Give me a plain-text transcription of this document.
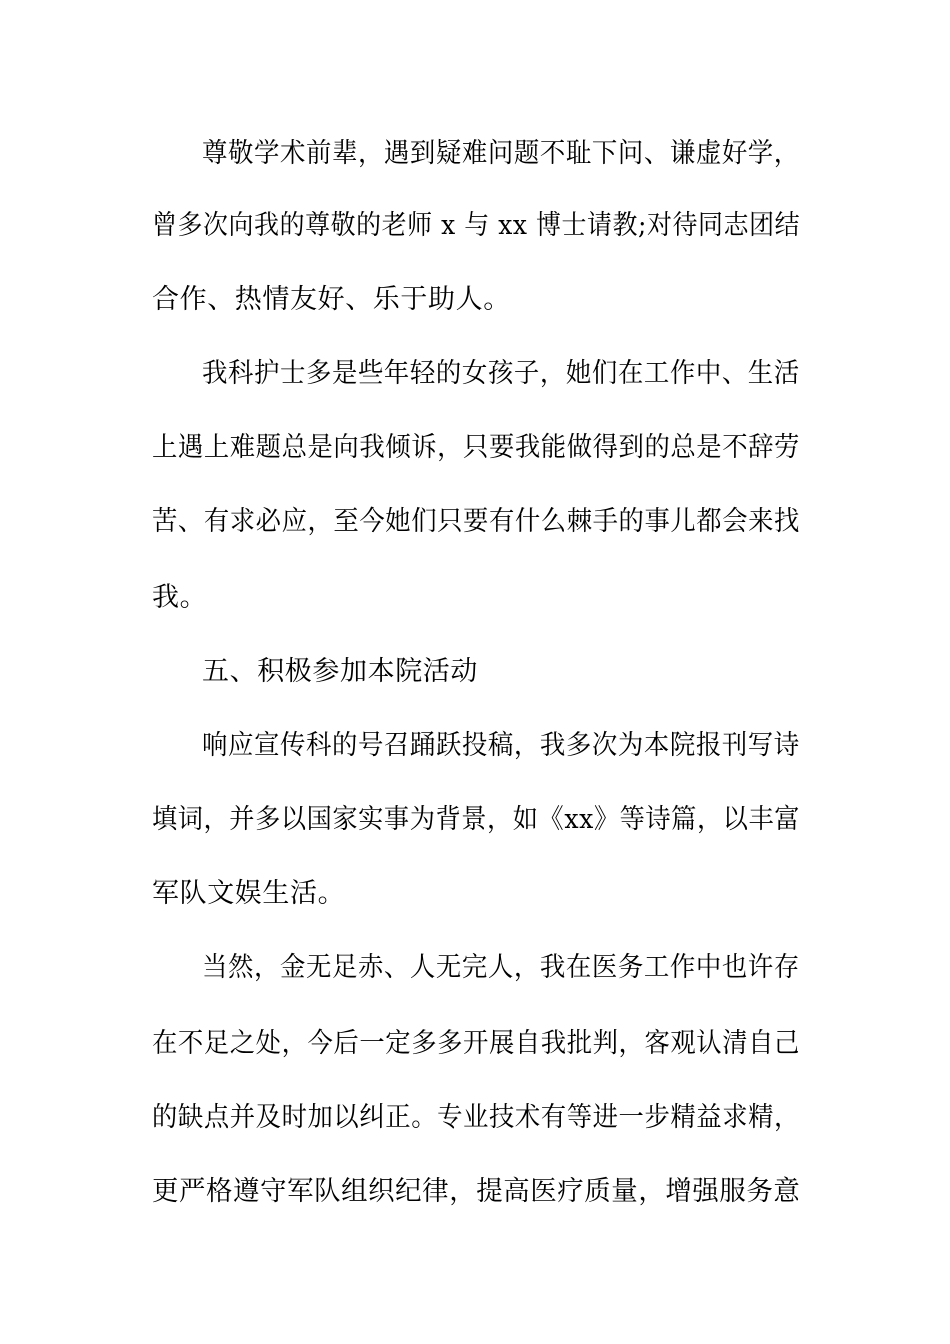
尊敬学术前辈，遇到疑难问题不耻下问、谦虚好学，
曾多次向我的尊敬的老师 x 与 xx 博士请教;对待同志团结
合作、热情友好、乐于助人。
我科护士多是些年轻的女孩子，她们在工作中、生活
上遇上难题总是向我倾诉，只要我能做得到的总是不辞劳
苦、有求必应，至今她们只要有什么棘手的事儿都会来找
我。
五、积极参加本院活动
响应宣传科的号召踊跃投稿，我多次为本院报刊写诗
填词，并多以国家实事为背景，如《xx》等诗篇，以丰富
军队文娱生活。
当然，金无足赤、人无完人，我在医务工作中也许存
在不足之处，今后一定多多开展自我批判，客观认清自己
的缺点并及时加以纠正。专业技术有等进一步精益求精，
更严格遵守军队组织纪律，提高医疗质量，增强服务意
